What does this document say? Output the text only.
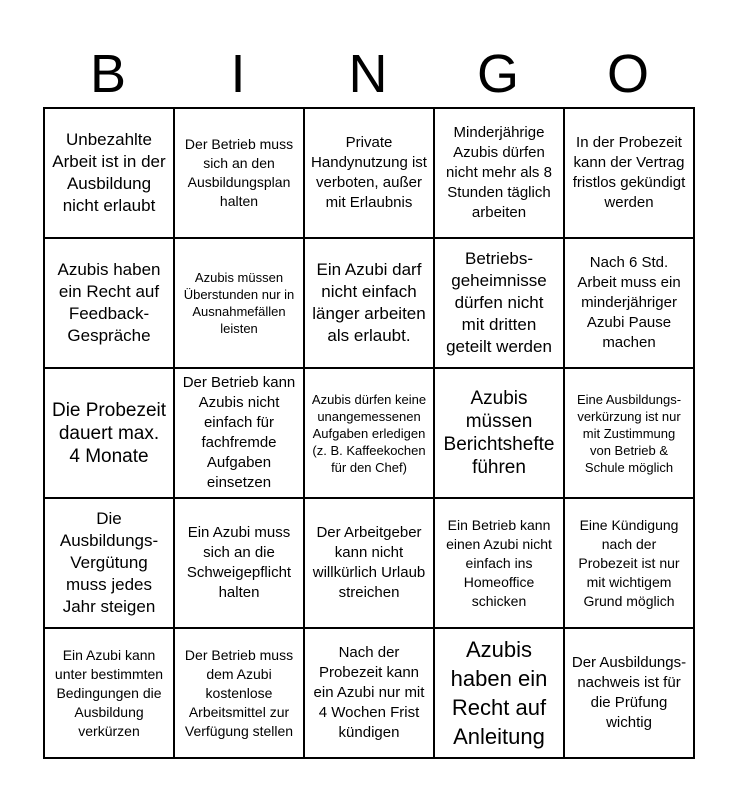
B	I	N	G	O
Unbezahlte Arbeit ist in der Ausbildung nicht erlaubt	Der Betrieb muss sich an den Ausbildungsplan halten	Private Handynutzung ist verboten, außer mit Erlaubnis	Minderjährige Azubis dürfen nicht mehr als 8 Stunden täglich arbeiten	In der Probezeit kann der Vertrag fristlos gekündigt werden
Azubis haben ein Recht auf Feedback-Gespräche	Azubis müssen Überstunden nur in Ausnahmefällen leisten	Ein Azubi darf nicht einfach länger arbeiten als erlaubt.	Betriebs-geheimnisse dürfen nicht mit dritten geteilt werden	Nach 6 Std. Arbeit muss ein minderjähriger Azubi Pause machen
Die Probezeit dauert max. 4 Monate	Der Betrieb kann Azubis nicht einfach für fachfremde Aufgaben einsetzen	Azubis dürfen keine unangemessenen Aufgaben erledigen (z. B. Kaffeekochen für den Chef)	Azubis müssen Berichtshefte führen	Eine Ausbildungs-verkürzung ist nur mit Zustimmung von Betrieb & Schule möglich
Die Ausbildungs-Vergütung muss jedes Jahr steigen	Ein Azubi muss sich an die Schweigepflicht halten	Der Arbeitgeber kann nicht willkürlich Urlaub streichen	Ein Betrieb kann einen Azubi nicht einfach ins Homeoffice schicken	Eine Kündigung nach der Probezeit ist nur mit wichtigem Grund möglich
Ein Azubi kann unter bestimmten Bedingungen die Ausbildung verkürzen	Der Betrieb muss dem Azubi kostenlose Arbeitsmittel zur Verfügung stellen	Nach der Probezeit kann ein Azubi nur mit 4 Wochen Frist kündigen	Azubis haben ein Recht auf Anleitung	Der Ausbildungs-nachweis ist für die Prüfung wichtig
